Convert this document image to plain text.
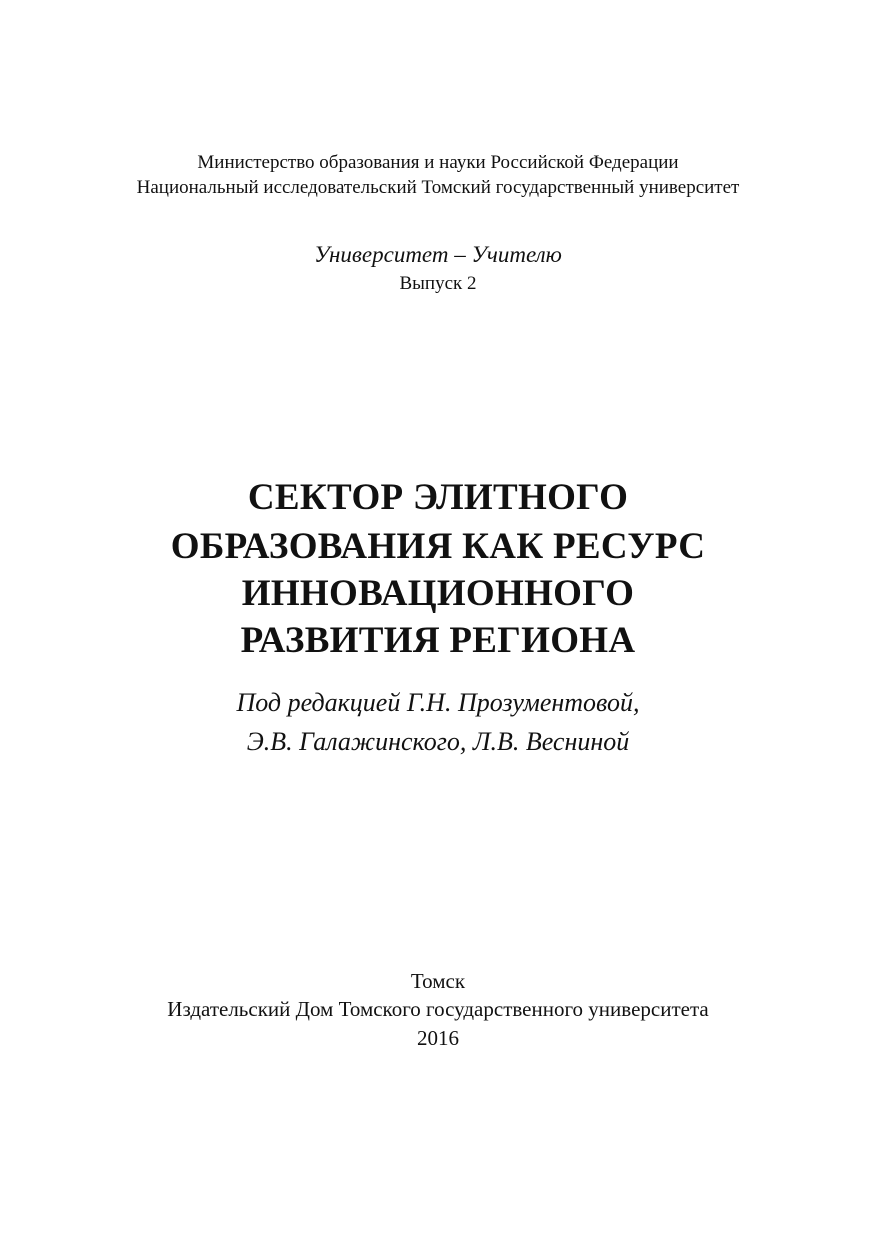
Министерство образования и науки Российской Федерации
Национальный исследовательский Томский государственный университет
Университет – Учителю
Выпуск 2
СЕКТОР ЭЛИТНОГО
ОБРАЗОВАНИЯ КАК РЕСУРС
ИННОВАЦИОННОГО
РАЗВИТИЯ РЕГИОНА
Под редакцией Г.Н. Прозументовой,
Э.В. Галажинского, Л.В. Весниной
Томск
Издательский Дом Томского государственного университета
2016
